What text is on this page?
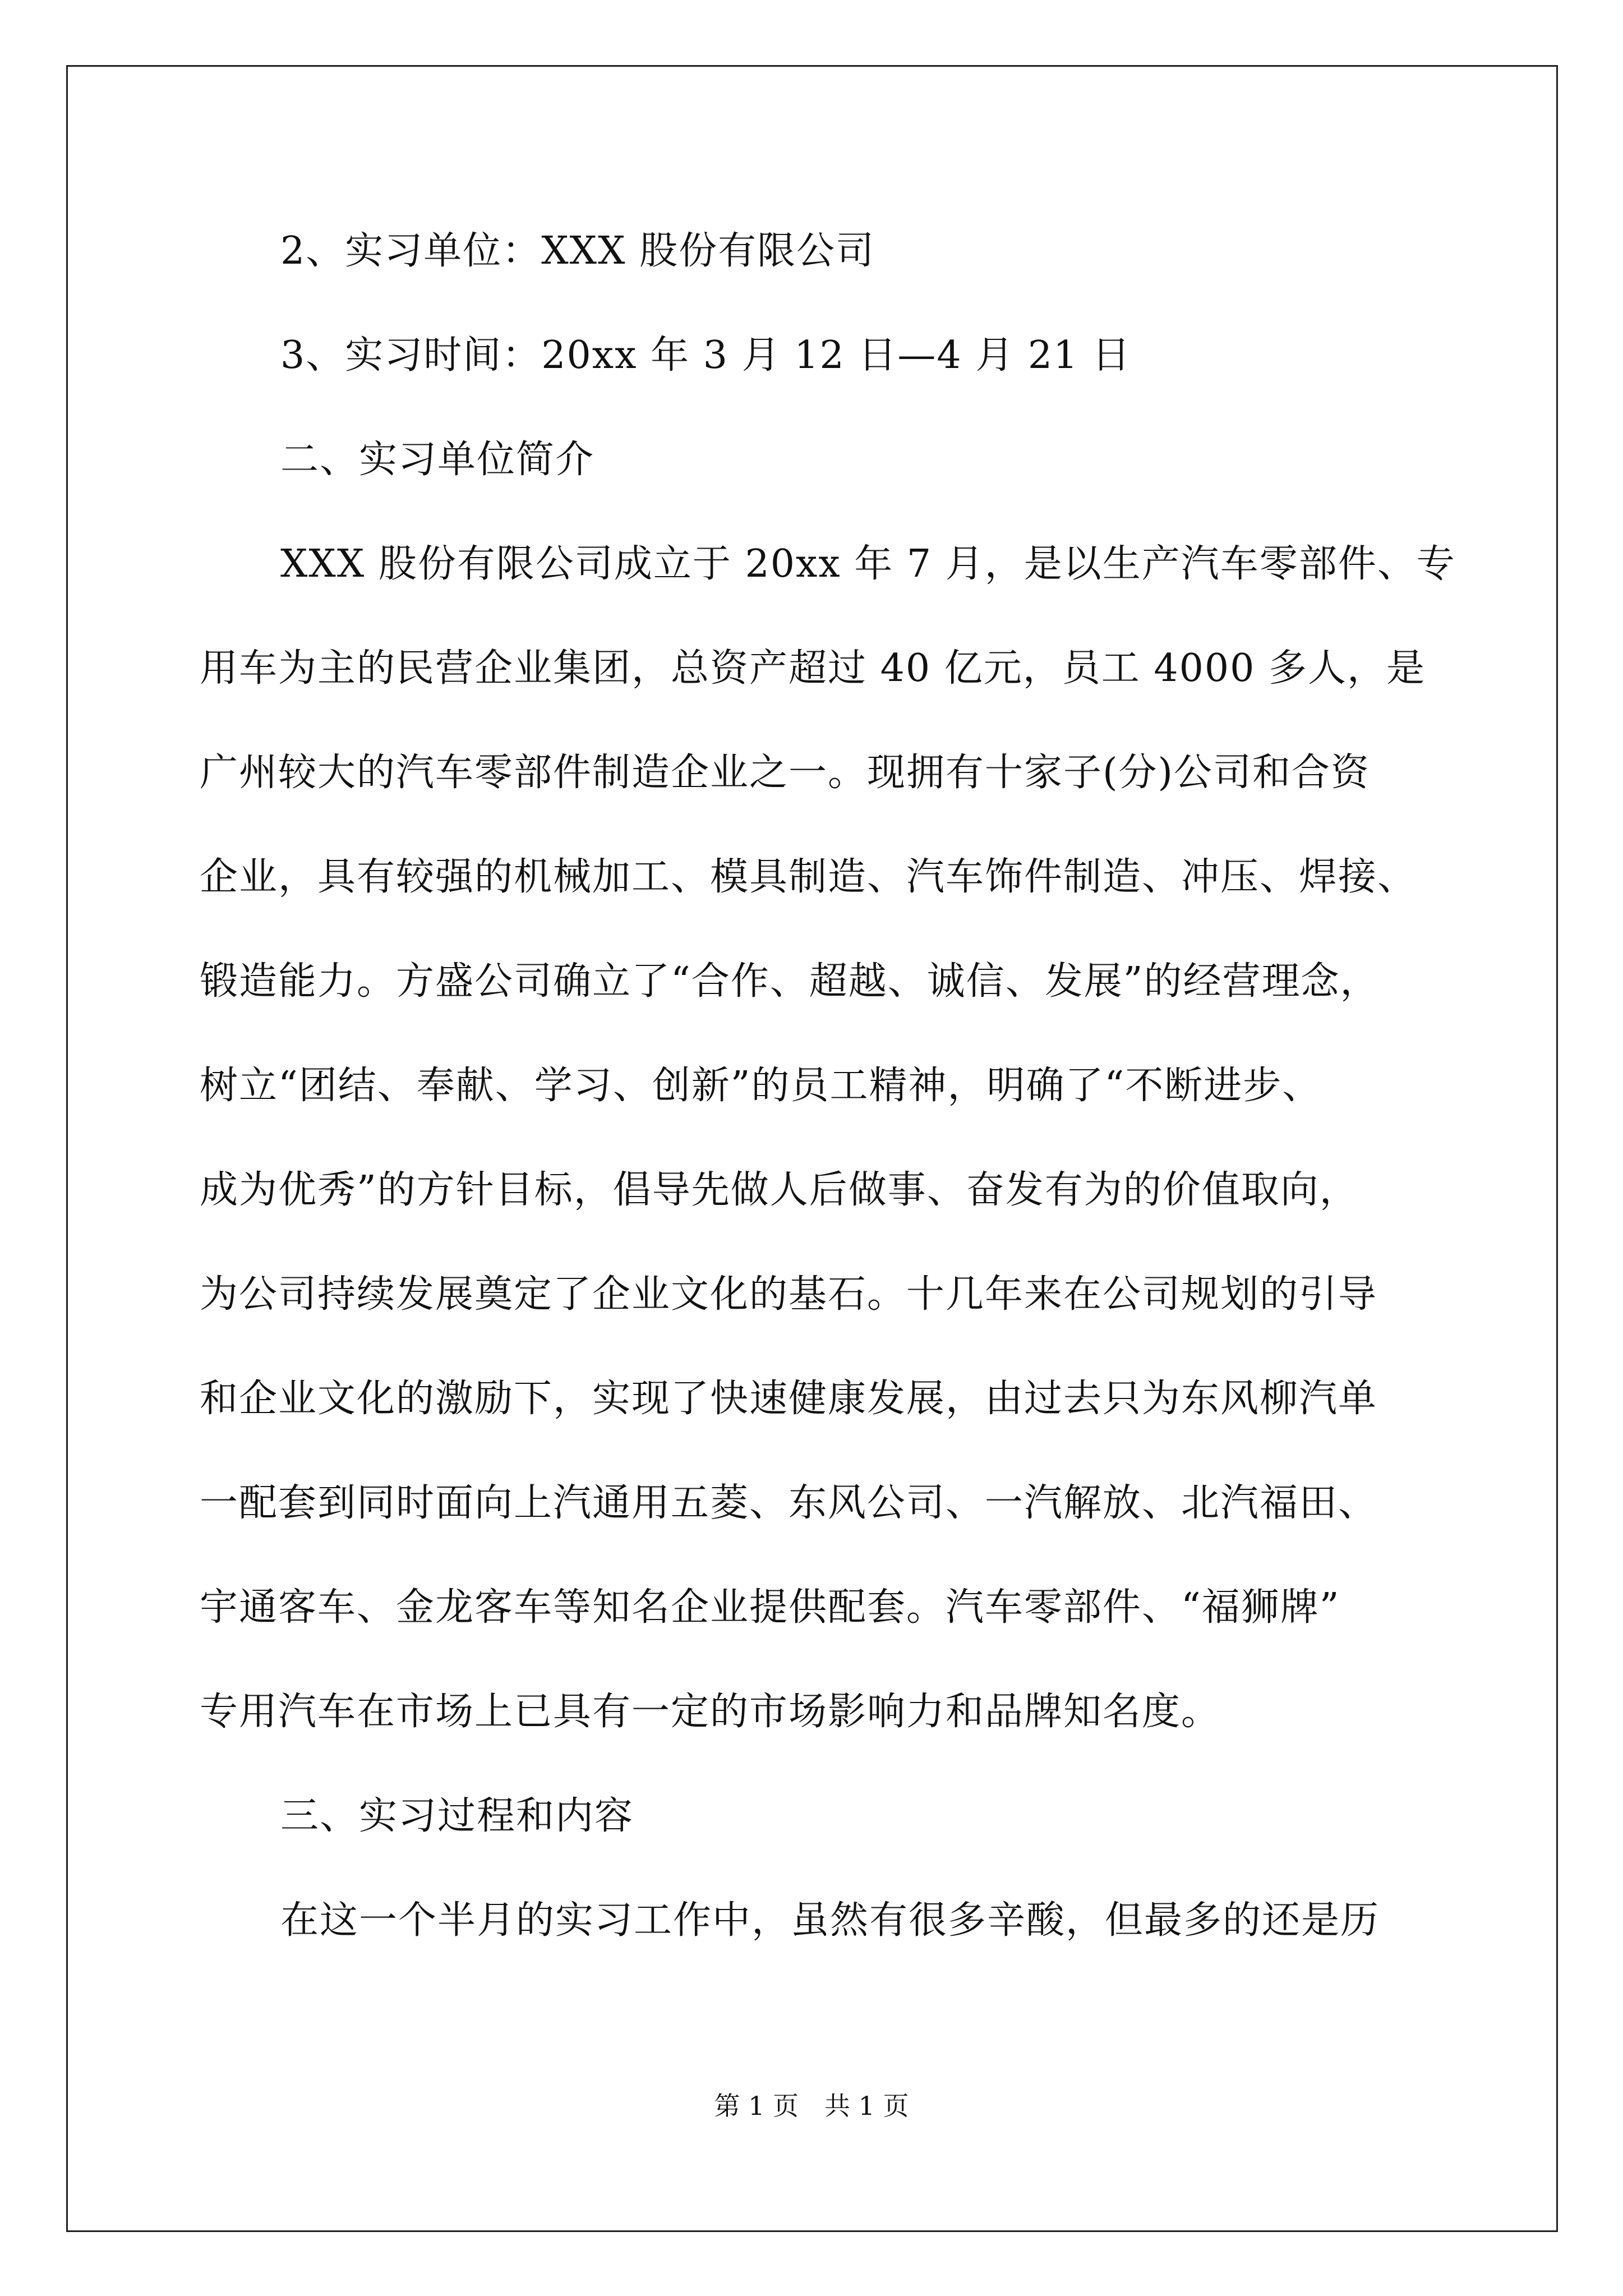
2、实习单位：XXX 股份有限公司
3、实习时间：20xx 年 3 月 12 日—4 月 21 日
二、实习单位简介
XXX 股份有限公司成立于 20xx 年 7 月，是以生产汽车零部件、专
用车为主的民营企业集团，总资产超过 40 亿元，员工 4000 多人，是
广州较大的汽车零部件制造企业之一。现拥有十家子(分)公司和合资
企业，具有较强的机械加工、模具制造、汽车饰件制造、冲压、焊接、
锻造能力。方盛公司确立了“合作、超越、诚信、发展”的经营理念，
树立“团结、奉献、学习、创新”的员工精神，明确了“不断进步、
成为优秀”的方针目标，倡导先做人后做事、奋发有为的价值取向，
为公司持续发展奠定了企业文化的基石。十几年来在公司规划的引导
和企业文化的激励下，实现了快速健康发展，由过去只为东风柳汽单
一配套到同时面向上汽通用五菱、东风公司、一汽解放、北汽福田、
宇通客车、金龙客车等知名企业提供配套。汽车零部件、“福狮牌”
专用汽车在市场上已具有一定的市场影响力和品牌知名度。
三、实习过程和内容
在这一个半月的实习工作中，虽然有很多辛酸，但最多的还是历
第 1 页　共 1 页
